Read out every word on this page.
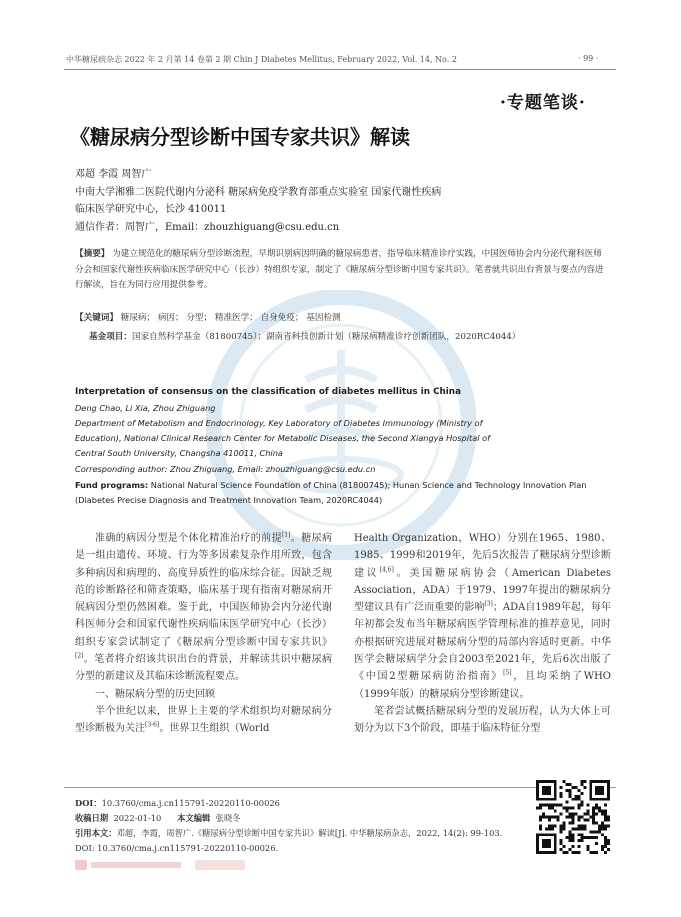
中华糖尿病杂志 2022 年 2 月第 14 卷第 2 期 Chin J Diabetes Mellitus, February 2022, Vol. 14, No. 2	· 99 ·
·专题笔谈·
《糖尿病分型诊断中国专家共识》解读
邓超 李霞 周智广
中南大学湘雅二医院代谢内分泌科 糖尿病免疫学教育部重点实验室 国家代谢性疾病
临床医学研究中心，长沙 410011
通信作者：周智广，Email：zhouzhiguang@csu.edu.cn
【摘要】 为建立规范化的糖尿病分型诊断流程，早期识别病因明确的糖尿病患者，指导临床精准诊疗实践，中国医师协会内分泌代谢科医师分会和国家代谢性疾病临床医学研究中心（长沙）特组织专家，制定了《糖尿病分型诊断中国专家共识》。笔者就共识出台背景与要点内容进行解读，旨在为同行应用提供参考。
【关键词】 糖尿病； 病因； 分型； 精准医学； 自身免疫； 基因检测
基金项目：国家自然科学基金（81800745）；湖南省科技创新计划（糖尿病精准诊疗创新团队，2020RC4044）
Interpretation of consensus on the classification of diabetes mellitus in China
Deng Chao, Li Xia, Zhou Zhiguang
Department of Metabolism and Endocrinology, Key Laboratory of Diabetes Immunology (Ministry of
Education), National Clinical Research Center for Metabolic Diseases, the Second Xiangya Hospital of
Central South University, Changsha 410011, China
Corresponding author: Zhou Zhiguang, Email: zhouzhiguang@csu.edu.cn
Fund programs: National Natural Science Foundation of China (81800745); Hunan Science and Technology Innovation Plan (Diabetes Precise Diagnosis and Treatment Innovation Team, 2020RC4044)

准确的病因分型是个体化精准治疗的前提[1]。糖尿病是一组由遗传、环境、行为等多因素复杂作用所致，包含多种病因和病理的、高度异质性的临床综合征。因缺乏规范的诊断路径和筛查策略，临床基于现有指南对糖尿病开展病因分型仍然困难。鉴于此，中国医师协会内分泌代谢科医师分会和国家代谢性疾病临床医学研究中心（长沙）组织专家尝试制定了《糖尿病分型诊断中国专家共识》[2]。笔者将介绍该共识出台的背景，并解读共识中糖尿病分型的新建议及其临床诊断流程要点。

一、糖尿病分型的历史回顾

半个世纪以来，世界上主要的学术组织均对糖尿病分型诊断极为关注[3-6]。世界卫生组织（World

Health Organization，WHO）分别在1965、1980、1985、1999和2019年，先后5次报告了糖尿病分型诊断建议[4,6]。美国糖尿病协会（American Diabetes Association，ADA）于1979、1997年提出的糖尿病分型建议具有广泛而重要的影响[3]；ADA自1989年起，每年年初都会发布当年糖尿病医学管理标准的推荐意见，同时亦根据研究进展对糖尿病分型的局部内容适时更新。中华医学会糖尿病学分会自2003至2021年，先后6次出版了《中国2型糖尿病防治指南》[5]，且均采纳了WHO（1999年版）的糖尿病分型诊断建议。

笔者尝试概括糖尿病分型的发展历程，认为大体上可划分为以下3个阶段，即基于临床特征分型

DOI：10.3760/cma.j.cn115791-20220110-00026
收稿日期 2022-01-10 本文编辑 张晓冬
引用本文：邓超，李霞，周智广.《糖尿病分型诊断中国专家共识》解读[J]. 中华糖尿病杂志，2022, 14(2): 99-103. DOI: 10.3760/cma.j.cn115791-20220110-00026.
